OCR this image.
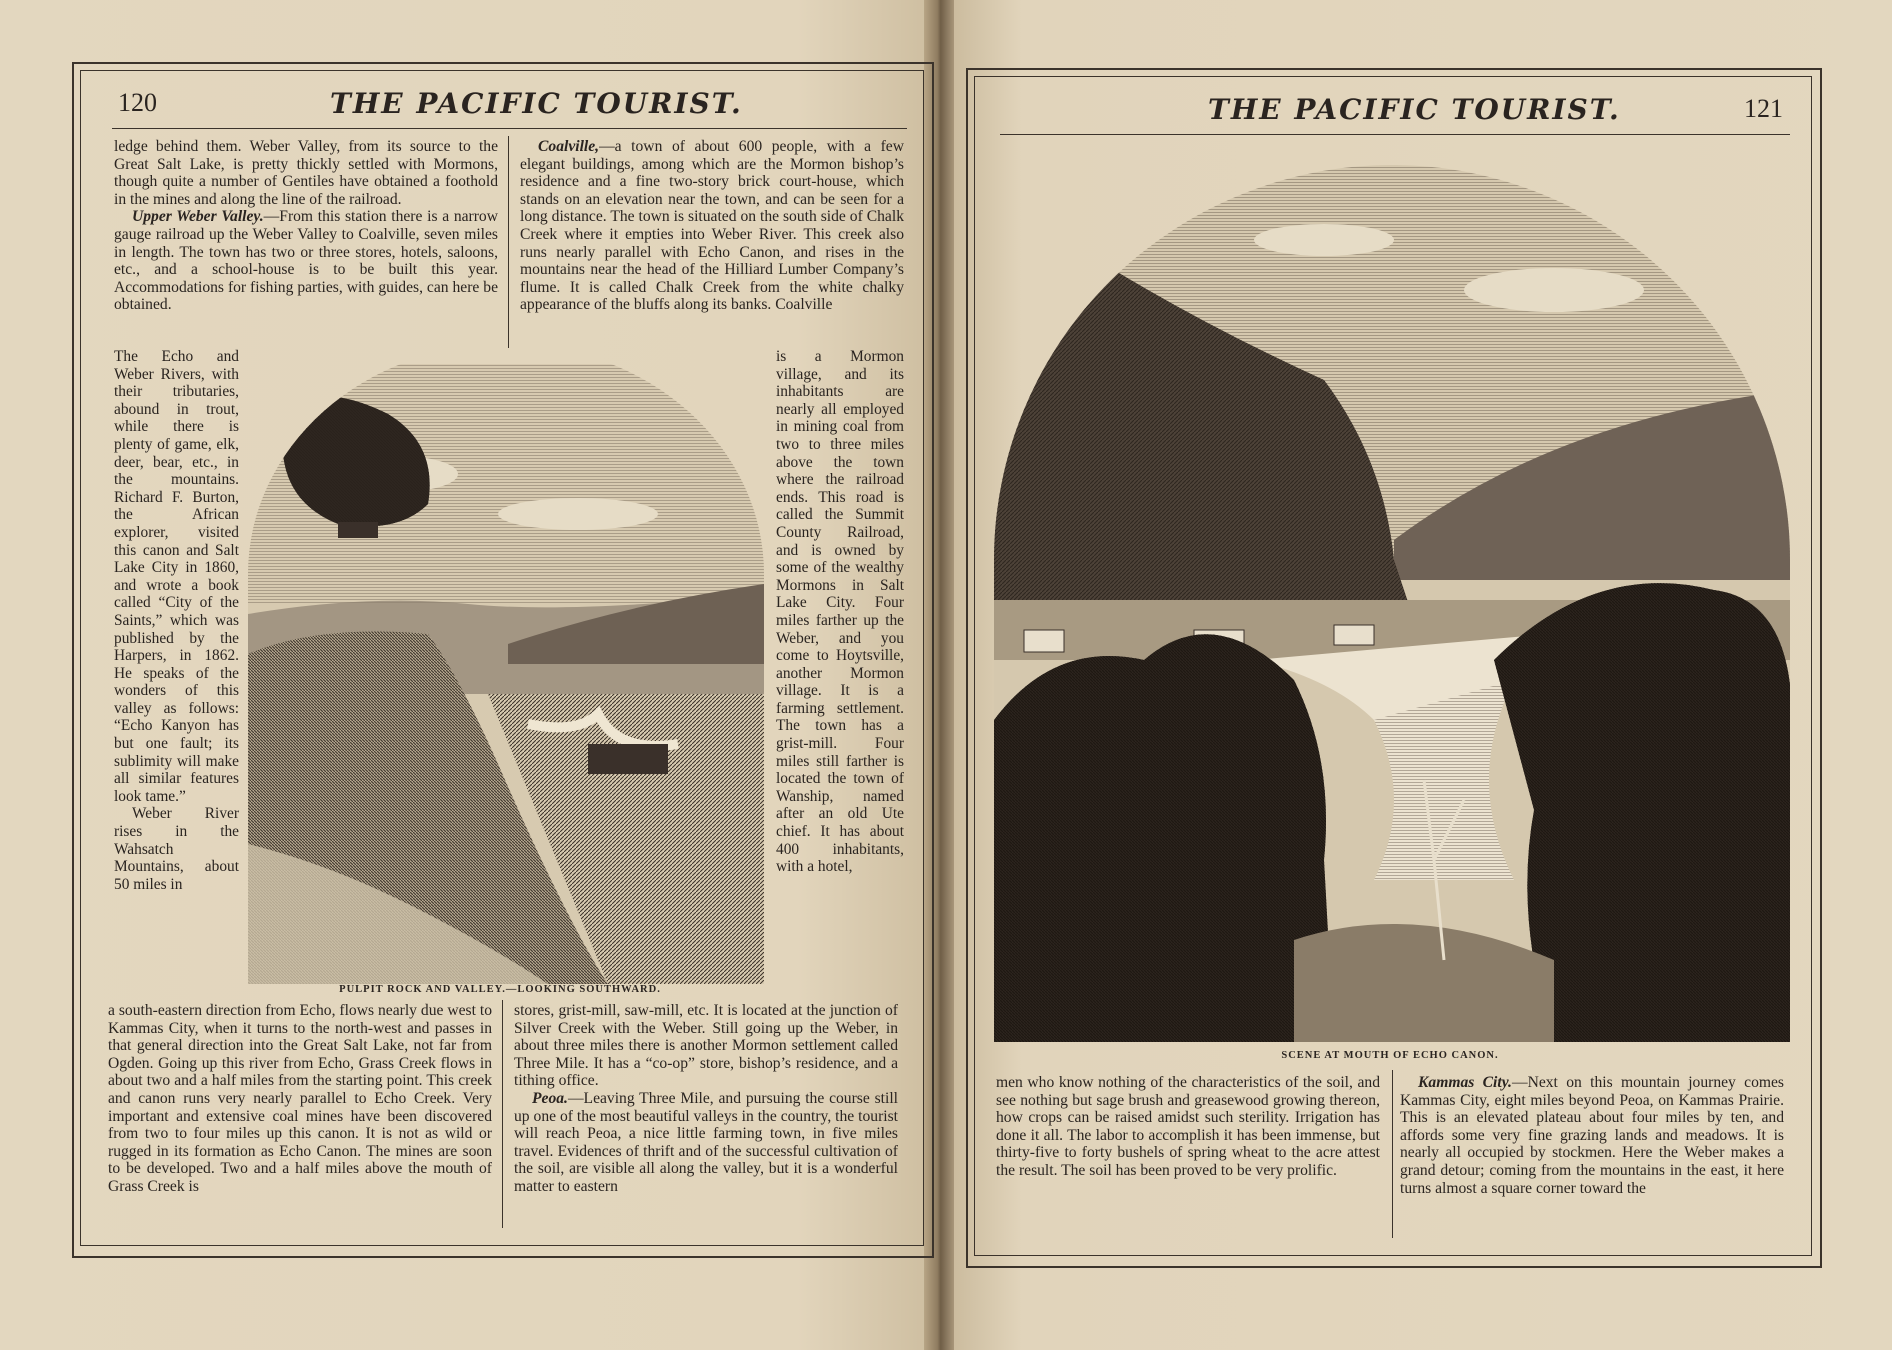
120	THE PACIFIC TOURIST.

ledge behind them. Weber Valley, from its source to the Great Salt Lake, is pretty thickly settled with Mormons, though quite a number of Gentiles have obtained a foothold in the mines and along the line of the railroad.

Upper Weber Valley.—From this station there is a narrow gauge railroad up the Weber Valley to Coalville, seven miles in length. The town has two or three stores, hotels, saloons, etc., and a school-house is to be built this year. Accommodations for fishing parties, with guides, can here be obtained.

The Echo and Weber Rivers, with their tributaries, abound in trout, while there is plenty of game, elk, deer, bear, etc., in the mountains. Richard F. Burton, the African explorer, visited this canon and Salt Lake City in 1860, and wrote a book called “City of the Saints,” which was published by the Harpers, in 1862. He speaks of the wonders of this valley as follows: “Echo Kanyon has but one fault; its sublimity will make all similar features look tame.”

Weber River rises in the Wahsatch Mountains, about 50 miles in

a south-eastern direction from Echo, flows nearly due west to Kammas City, when it turns to the north-west and passes in that general direction into the Great Salt Lake, not far from Ogden. Going up this river from Echo, Grass Creek flows in about two and a half miles from the starting point. This creek and canon runs very nearly parallel to Echo Creek. Very important and extensive coal mines have been discovered from two to four miles up this canon. It is not as wild or rugged in its formation as Echo Canon. The mines are soon to be developed. Two and a half miles above the mouth of Grass Creek is

Coalville,—a town of about 600 people, with a few elegant buildings, among which are the Mormon bishop’s residence and a fine two-story brick court-house, which stands on an elevation near the town, and can be seen for a long distance. The town is situated on the south side of Chalk Creek where it empties into Weber River. This creek also runs nearly parallel with Echo Canon, and rises in the mountains near the head of the Hilliard Lumber Company’s flume. It is called Chalk Creek from the white chalky appearance of the bluffs along its banks. Coalville

is a Mormon village, and its inhabitants are nearly all employed in mining coal from two to three miles above the town where the railroad ends. This road is called the Summit County Railroad, and is owned by some of the wealthy Mormons in Salt Lake City. Four miles farther up the Weber, and you come to Hoytsville, another Mormon village. It is a farming settlement. The town has a grist-mill. Four miles still farther is located the town of Wanship, named after an old Ute chief. It has about 400 inhabitants, with a hotel,

stores, grist-mill, saw-mill, etc. It is located at the junction of Silver Creek with the Weber. Still going up the Weber, in about three miles there is another Mormon settlement called Three Mile. It has a “co-op” store, bishop’s residence, and a tithing office.

Peoa.—Leaving Three Mile, and pursuing the course still up one of the most beautiful valleys in the country, the tourist will reach Peoa, a nice little farming town, in five miles travel. Evidences of thrift and of the successful cultivation of the soil, are visible all along the valley, but it is a wonderful matter to eastern

PULPIT ROCK AND VALLEY.—LOOKING SOUTHWARD.
THE PACIFIC TOURIST.	121
SCENE AT MOUTH OF ECHO CANON.

men who know nothing of the characteristics of the soil, and see nothing but sage brush and greasewood growing thereon, how crops can be raised amidst such sterility. Irrigation has done it all. The labor to accomplish it has been immense, but thirty-five to forty bushels of spring wheat to the acre attest the result. The soil has been proved to be very prolific.

Kammas City.—Next on this mountain journey comes Kammas City, eight miles beyond Peoa, on Kammas Prairie. This is an elevated plateau about four miles by ten, and affords some very fine grazing lands and meadows. It is nearly all occupied by stockmen. Here the Weber makes a grand detour; coming from the mountains in the east, it here turns almost a square corner toward the
